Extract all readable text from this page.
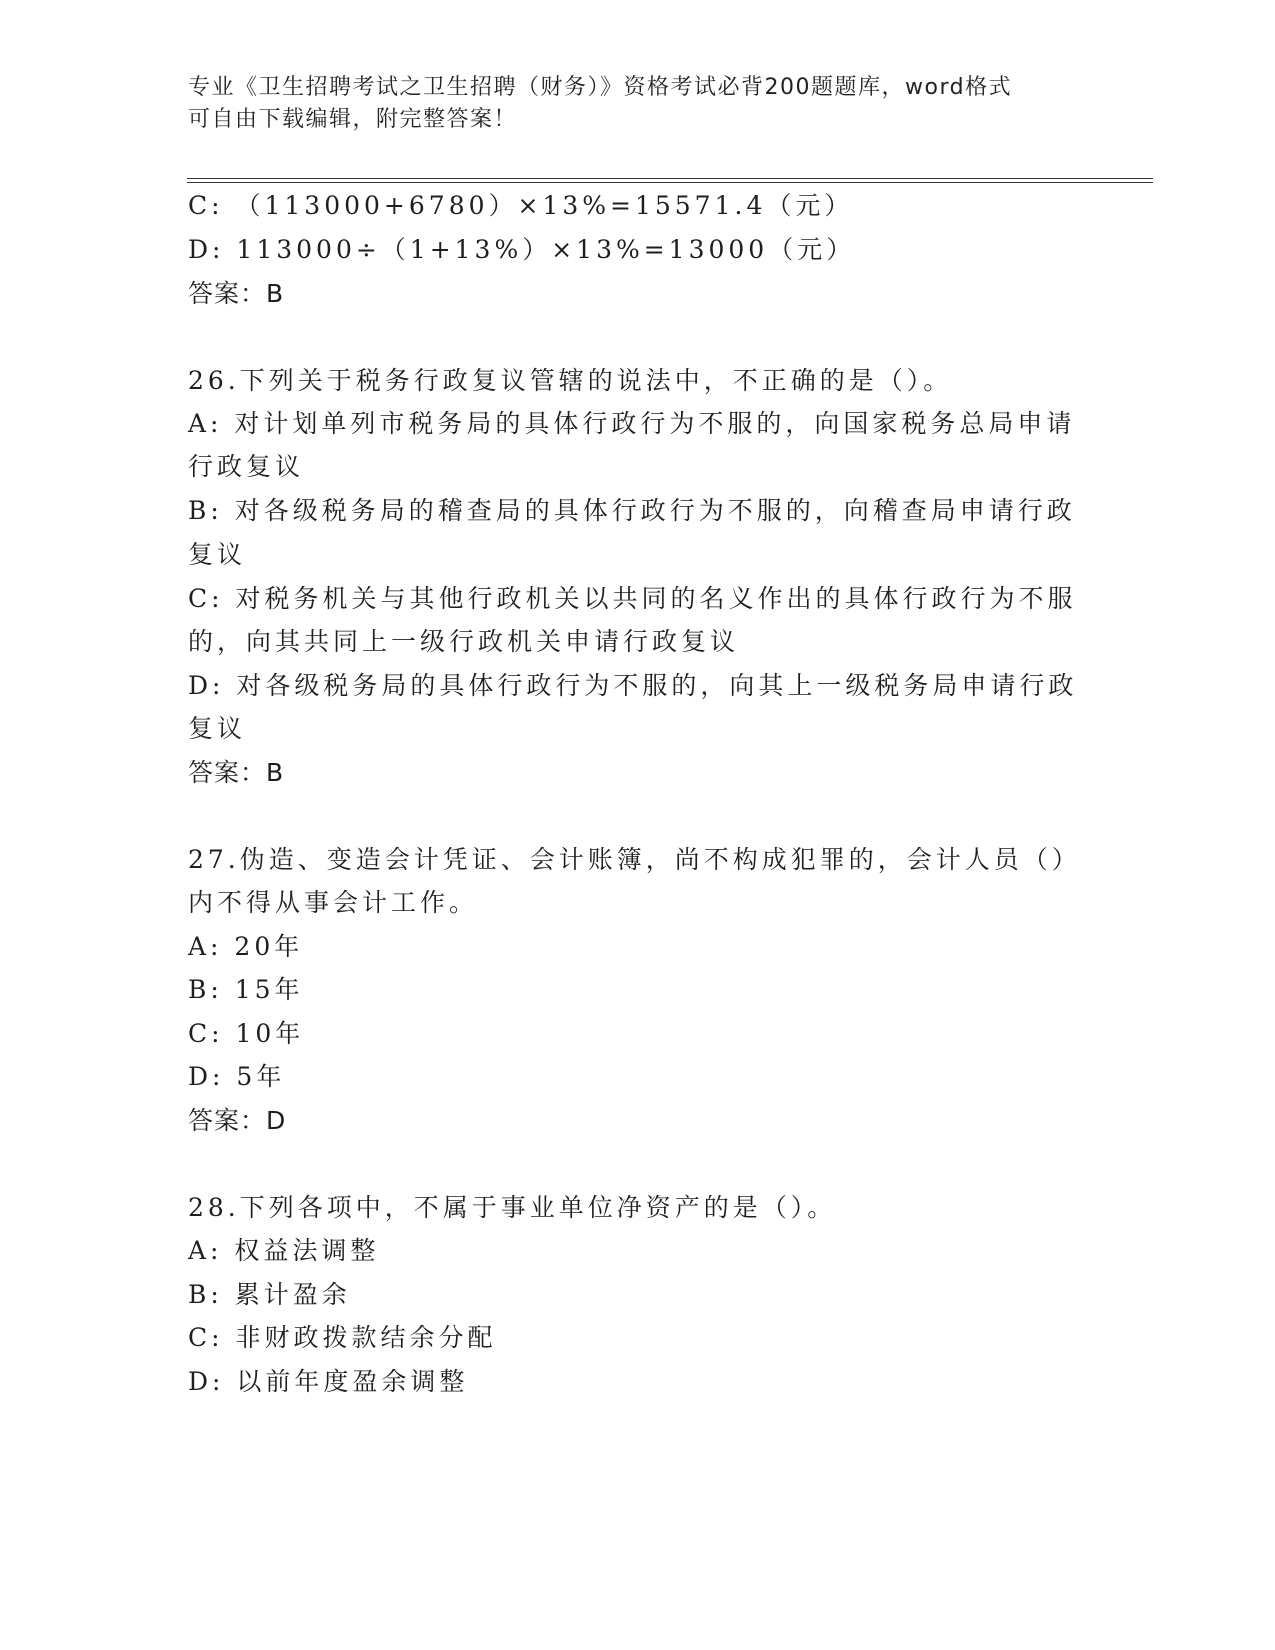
专业《卫生招聘考试之卫生招聘（财务）》资格考试必背200题题库，word格式
可自由下载编辑，附完整答案！
C: （113000+6780）×13%=15571.4（元）
D: 113000÷（1+13%）×13%=13000（元）
答案：B
26.下列关于税务行政复议管辖的说法中，不正确的是（）。
A: 对计划单列市税务局的具体行政行为不服的，向国家税务总局申请
行政复议
B: 对各级税务局的稽查局的具体行政行为不服的，向稽查局申请行政
复议
C: 对税务机关与其他行政机关以共同的名义作出的具体行政行为不服
的，向其共同上一级行政机关申请行政复议
D: 对各级税务局的具体行政行为不服的，向其上一级税务局申请行政
复议
答案：B
27.伪造、变造会计凭证、会计账簿，尚不构成犯罪的，会计人员（）
内不得从事会计工作。
A: 20年
B: 15年
C: 10年
D: 5年
答案：D
28.下列各项中，不属于事业单位净资产的是（）。
A: 权益法调整
B: 累计盈余
C: 非财政拨款结余分配
D: 以前年度盈余调整
